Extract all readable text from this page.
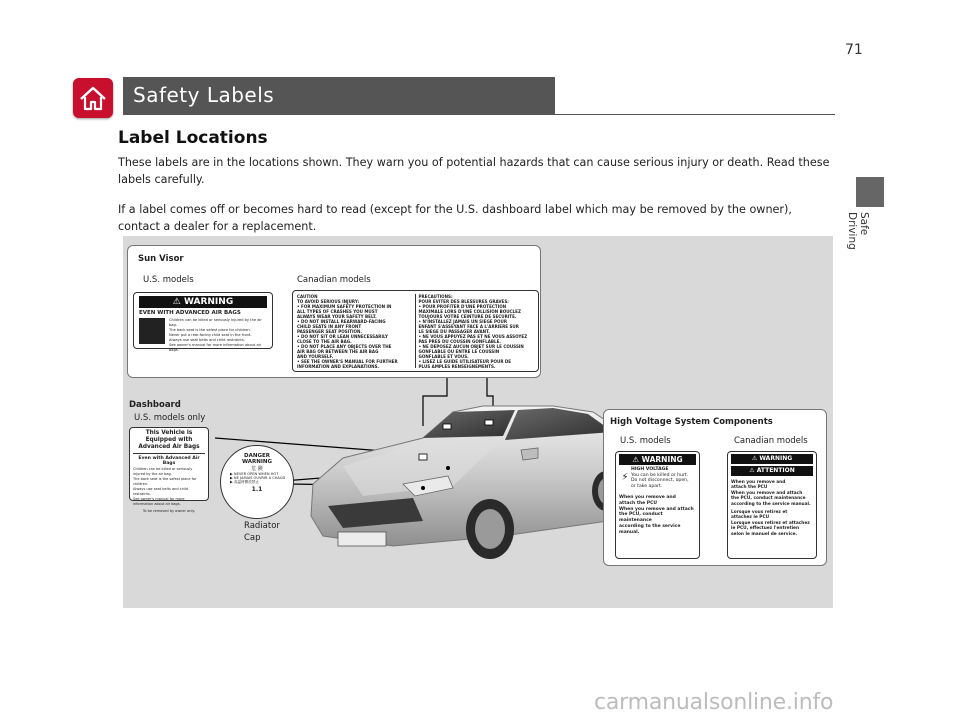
71
Safety Labels
Safe Driving
Label Locations
These labels are in the locations shown. They warn you of potential hazards that can cause serious injury or death. Read these labels carefully.
If a label comes off or becomes hard to read (except for the U.S. dashboard label which may be removed by the owner), contact a dealer for a replacement.
Sun Visor
U.S. models	Canadian models
⚠ WARNING
EVEN WITH ADVANCED AIR BAGS
Children can be killed or seriously injured by the air bag.
The back seat is the safest place for children.
Never put a rear-facing child seat in the front.
Always use seat belts and child restraints.
See owner's manual for more information about air bags.
CAUTION
TO AVOID SERIOUS INJURY:
• FOR MAXIMUM SAFETY PROTECTION IN
ALL TYPES OF CRASHES YOU MUST
ALWAYS WEAR YOUR SAFETY BELT.
• DO NOT INSTALL REARWARD-FACING
CHILD SEATS IN ANY FRONT
PASSENGER SEAT POSITION.
• DO NOT SIT OR LEAN UNNECESSARILY
CLOSE TO THE AIR BAG.
• DO NOT PLACE ANY OBJECTS OVER THE
AIR BAG OR BETWEEN THE AIR BAG
AND YOURSELF.
• SEE THE OWNER'S MANUAL FOR FURTHER
INFORMATION AND EXPLANATIONS.
PRECAUTIONS:
POUR EVITER DES BLESSURES GRAVES:
• POUR PROFITER D'UNE PROTECTION
MAXIMALE LORS D'UNE COLLISION BOUCLEZ
TOUJOURS VOTRE CEINTURE DE SECURITE.
• N'INSTALLEZ JAMAIS UN SIEGE POUR
ENFANT S'ASSEYANT FACE A L'ARRIERE SUR
LE SIEGE DU PASSAGER AVANT.
• NE VOUS APPUYEZ PAS ET NE VOUS ASSOYEZ
PAS PRES DU COUSSIN GONFLABLE.
• NE DEPOSEZ AUCUN OBJET SUR LE COUSSIN
GONFLABLE OU ENTRE LE COUSSIN
GONFLABLE ET VOUS.
• LISEZ LE GUIDE UTILISATEUR POUR DE
PLUS AMPLES RENSEIGNEMENTS.
Dashboard
U.S. models only
This Vehicle is Equipped with Advanced Air Bags
Even with Advanced Air Bags
Children can be killed or seriously injured by the air bag.
The back seat is the safest place for children.
Always use seat belts and child restraints.
See owner's manual for more information about air bags.
To be removed by owner only.
DANGER
WARNING
危 険
▶ NEVER OPEN WHEN HOT
▶ NE JAMAIS OUVRIR A CHAUD
▶ 高温時開放禁止
1.1
Radiator
Cap
High Voltage System Components
U.S. models	Canadian models
⚠ WARNING
⚡
HIGH VOLTAGE
You can be killed or hurt.
Do not disconnect, open,
or take apart.
When you remove and
attach the PCU
When you remove and attach
the PCU, conduct maintenance
according to the service manual.
⚠ WARNING
⚠ ATTENTION
When you remove and
attach the PCU
When you remove and attach
the PCU, conduct maintenance
according to the service manual.
Lorsque vous retirez et
attachez le PCU
Lorsque vous retirez et attachez
le PCU, effectuez l'entretien
selon le manuel de service.
carmanualsonline.info
